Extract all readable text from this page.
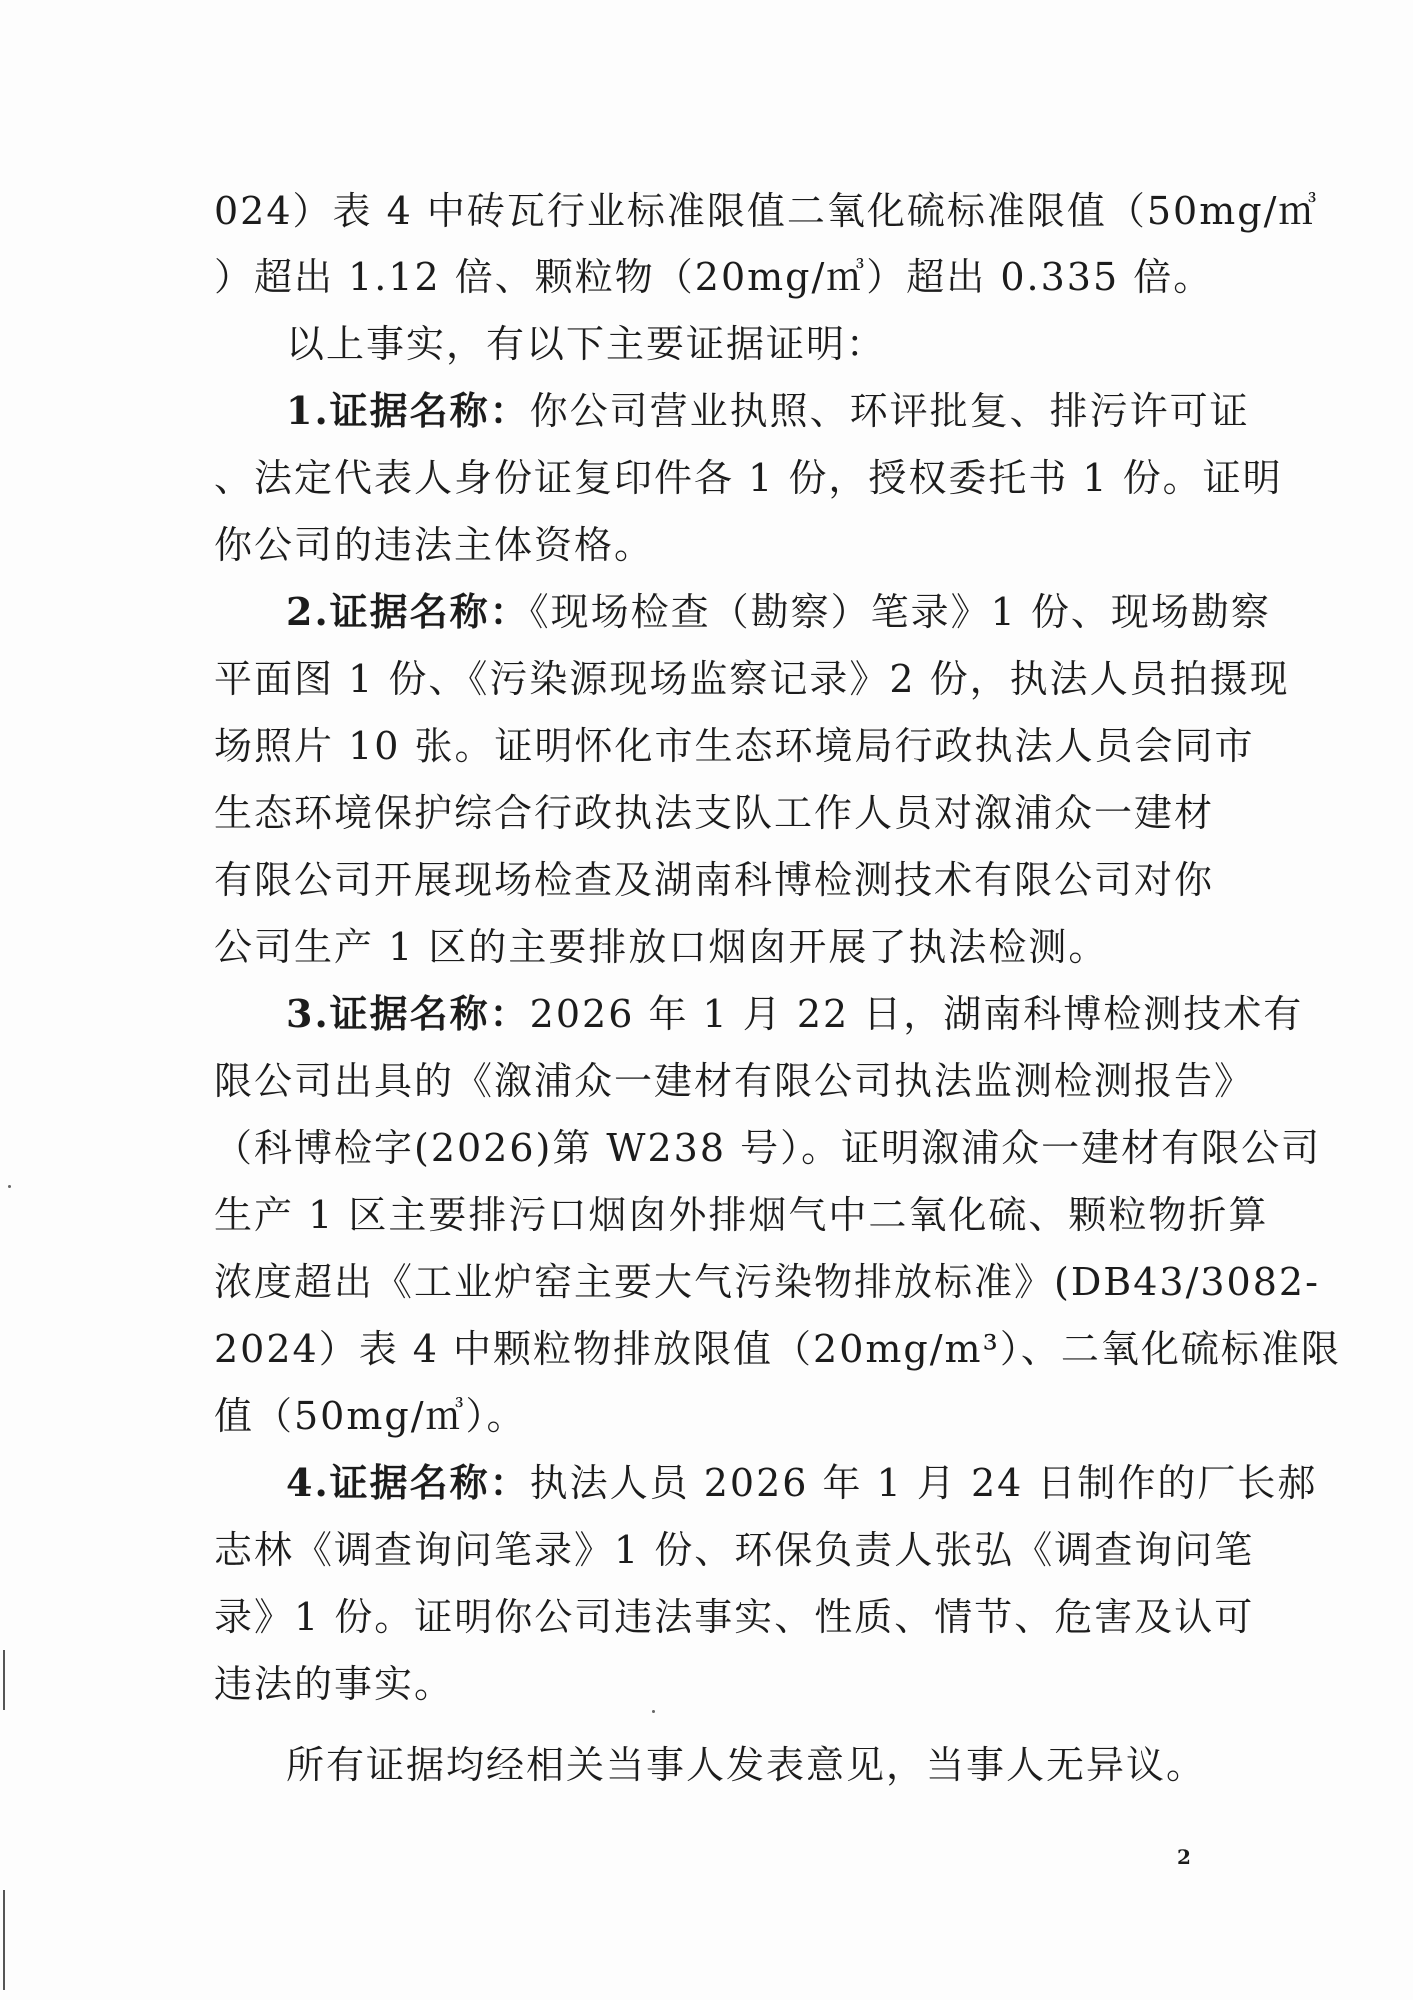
024）表 4 中砖瓦行业标准限值二氧化硫标准限值（50mg/㎥
）超出 1.12 倍、颗粒物（20mg/㎥）超出 0.335 倍。
以上事实，有以下主要证据证明：
1.证据名称：你公司营业执照、环评批复、排污许可证
、法定代表人身份证复印件各 1 份，授权委托书 1 份。证明
你公司的违法主体资格。
2.证据名称：《现场检查（勘察）笔录》1 份、现场勘察
平面图 1 份、《污染源现场监察记录》2 份，执法人员拍摄现
场照片 10 张。证明怀化市生态环境局行政执法人员会同市
生态环境保护综合行政执法支队工作人员对溆浦众一建材
有限公司开展现场检查及湖南科博检测技术有限公司对你
公司生产 1 区的主要排放口烟囱开展了执法检测。
3.证据名称：2026 年 1 月 22 日，湖南科博检测技术有
限公司出具的《溆浦众一建材有限公司执法监测检测报告》
（科博检字(2026)第 W238 号）。证明溆浦众一建材有限公司
生产 1 区主要排污口烟囱外排烟气中二氧化硫、颗粒物折算
浓度超出《工业炉窑主要大气污染物排放标准》(DB43/3082-
2024）表 4 中颗粒物排放限值（20mg/m³）、二氧化硫标准限
值（50mg/㎥）。
4.证据名称：执法人员 2026 年 1 月 24 日制作的厂长郝
志林《调查询问笔录》1 份、环保负责人张弘《调查询问笔
录》1 份。证明你公司违法事实、性质、情节、危害及认可
违法的事实。
所有证据均经相关当事人发表意见，当事人无异议。
2
